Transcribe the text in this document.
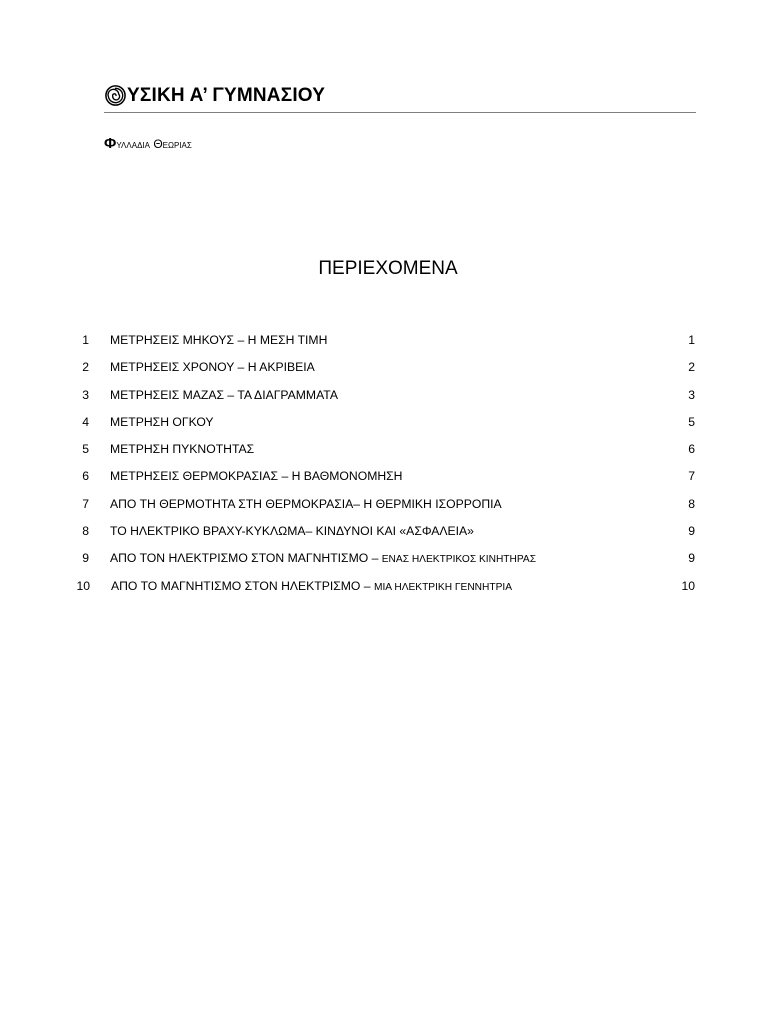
ΥΣΙΚΗ Α’ ΓΥΜΝΑΣΙΟΥ
Φυλλαδια Θεωριας
ΠΕΡΙΕΧΟΜΕΝΑ
1 ΜΕΤΡΗΣΕΙΣ ΜΗΚΟΥΣ – Η ΜΕΣΗ ΤΙΜΗ	1
2 ΜΕΤΡΗΣΕΙΣ ΧΡΟΝΟΥ – Η ΑΚΡΙΒΕΙΑ	2
3 ΜΕΤΡΗΣΕΙΣ ΜΑΖΑΣ – ΤΑ ΔΙΑΓΡΑΜΜΑΤΑ	3
4 ΜΕΤΡΗΣΗ ΟΓΚΟΥ	5
5 ΜΕΤΡΗΣΗ ΠΥΚΝΟΤΗΤΑΣ	6
6 ΜΕΤΡΗΣΕΙΣ ΘΕΡΜΟΚΡΑΣΙΑΣ – Η ΒΑΘΜΟΝΟΜΗΣΗ	7
7 ΑΠΟ ΤΗ ΘΕΡΜΟΤΗΤΑ ΣΤΗ ΘΕΡΜΟΚΡΑΣΙΑ– Η ΘΕΡΜΙΚΗ ΙΣΟΡΡΟΠΙΑ	8
8 ΤΟ ΗΛΕΚΤΡΙΚΟ ΒΡΑΧΥ-ΚΥΚΛΩΜΑ– ΚΙΝΔΥΝΟΙ ΚΑΙ «ΑΣΦΑΛΕΙΑ»	9
9 ΑΠΟ ΤΟΝ ΗΛΕΚΤΡΙΣΜΟ ΣΤΟΝ ΜΑΓΝΗΤΙΣΜΟ – ΕΝΑΣ ΗΛΕΚΤΡΙΚΟΣ ΚΙΝΗΤΗΡΑΣ	9
10 ΑΠΟ ΤΟ ΜΑΓΝΗΤΙΣΜΟ ΣΤΟΝ ΗΛΕΚΤΡΙΣΜΟ – ΜΙΑ ΗΛΕΚΤΡΙΚΗ ΓΕΝΝΗΤΡΙΑ	10
